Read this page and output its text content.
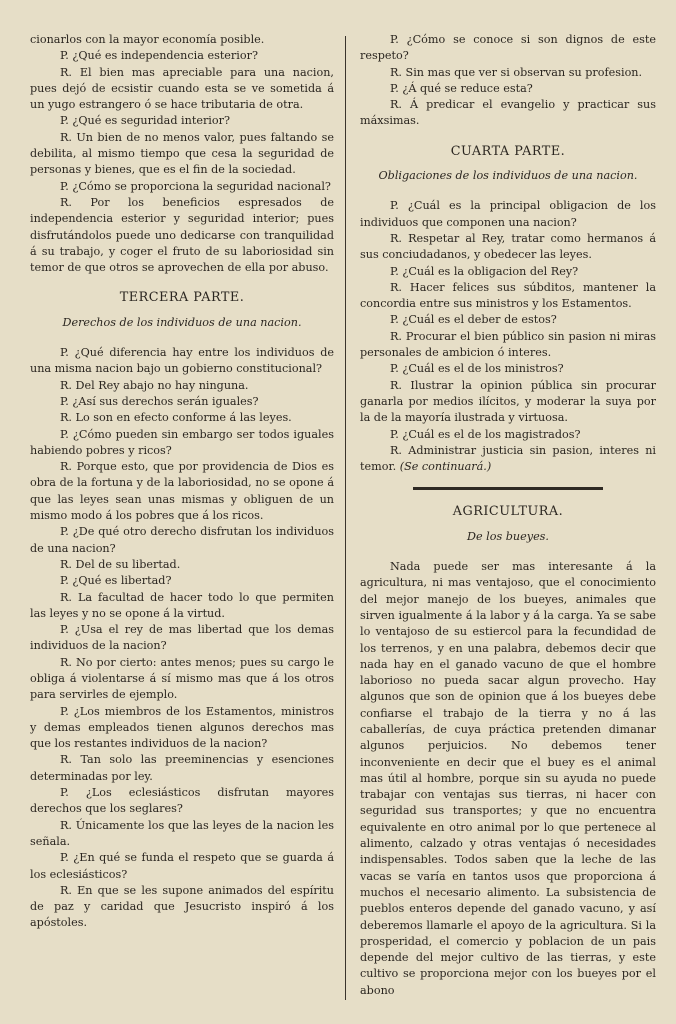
cionarlos con la mayor economía posible.

P. ¿Qué es independencia esterior?

R. El bien mas apreciable para una nacion, pues dejó de ecsistir cuando esta se ve sometida á un yugo estrangero ó se hace tributaria de otra.

P. ¿Qué es seguridad interior?

R. Un bien de no menos valor, pues faltando se debilita, al mismo tiempo que cesa la seguridad de personas y bienes, que es el fin de la sociedad.

P. ¿Cómo se proporciona la seguridad nacional?

R. Por los beneficios espresados de independencia esterior y seguridad interior; pues disfrutándolos puede uno dedicarse con tranquilidad á su trabajo, y coger el fruto de su laboriosidad sin temor de que otros se aprovechen de ella por abuso.

TERCERA PARTE.
Derechos de los individuos de una nacion.

P. ¿Qué diferencia hay entre los individuos de una misma nacion bajo un gobierno constitucional?

R. Del Rey abajo no hay ninguna.

P. ¿Así sus derechos serán iguales?

R. Lo son en efecto conforme á las leyes.

P. ¿Cómo pueden sin embargo ser todos iguales habiendo pobres y ricos?

R. Porque esto, que por providencia de Dios es obra de la fortuna y de la laboriosidad, no se opone á que las leyes sean unas mismas y obliguen de un mismo modo á los pobres que á los ricos.

P. ¿De qué otro derecho disfrutan los individuos de una nacion?

R. Del de su libertad.

P. ¿Qué es libertad?

R. La facultad de hacer todo lo que permiten las leyes y no se opone á la virtud.

P. ¿Usa el rey de mas libertad que los demas individuos de la nacion?

R. No por cierto: antes menos; pues su cargo le obliga á violentarse á sí mismo mas que á los otros para servirles de ejemplo.

P. ¿Los miembros de los Estamentos, ministros y demas empleados tienen algunos derechos mas que los restantes individuos de la nacion?

R. Tan solo las preeminencias y esenciones determinadas por ley.

P. ¿Los eclesiásticos disfrutan mayores derechos que los seglares?

R. Únicamente los que las leyes de la nacion les señala.

P. ¿En qué se funda el respeto que se guarda á los eclesiásticos?

R. En que se les supone animados del espíritu de paz y caridad que Jesucristo inspiró á los apóstoles.

P. ¿Cómo se conoce si son dignos de este respeto?

R. Sin mas que ver si observan su profesion.

P. ¿Á qué se reduce esta?

R. Á predicar el evangelio y practicar sus máxsimas.

CUARTA PARTE.
Obligaciones de los individuos de una nacion.

P. ¿Cuál es la principal obligacion de los individuos que componen una nacion?

R. Respetar al Rey, tratar como hermanos á sus conciudadanos, y obedecer las leyes.

P. ¿Cuál es la obligacion del Rey?

R. Hacer felices sus súbditos, mantener la concordia entre sus ministros y los Estamentos.

P. ¿Cuál es el deber de estos?

R. Procurar el bien público sin pasion ni miras personales de ambicion ó interes.

P. ¿Cuál es el de los ministros?

R. Ilustrar la opinion pública sin procurar ganarla por medios ilícitos, y moderar la suya por la de la mayoría ilustrada y virtuosa.

P. ¿Cuál es el de los magistrados?

R. Administrar justicia sin pasion, interes ni temor. (Se continuará.)

AGRICULTURA.
De los bueyes.

Nada puede ser mas interesante á la agricultura, ni mas ventajoso, que el conocimiento del mejor manejo de los bueyes, animales que sirven igualmente á la labor y á la carga. Ya se sabe lo ventajoso de su estiercol para la fecundidad de los terrenos, y en una palabra, debemos decir que nada hay en el ganado vacuno de que el hombre laborioso no pueda sacar algun provecho. Hay algunos que son de opinion que á los bueyes debe confiarse el trabajo de la tierra y no á las caballerías, de cuya práctica pretenden dimanar algunos perjuicios. No debemos tener inconveniente en decir que el buey es el animal mas útil al hombre, porque sin su ayuda no puede trabajar con ventajas sus tierras, ni hacer con seguridad sus transportes; y que no encuentra equivalente en otro animal por lo que pertenece al alimento, calzado y otras ventajas ó necesidades indispensables. Todos saben que la leche de las vacas se varía en tantos usos que proporciona á muchos el necesario alimento. La subsistencia de pueblos enteros depende del ganado vacuno, y así deberemos llamarle el apoyo de la agricultura. Si la prosperidad, el comercio y poblacion de un pais depende del mejor cultivo de las tierras, y este cultivo se proporciona mejor con los bueyes por el abono
